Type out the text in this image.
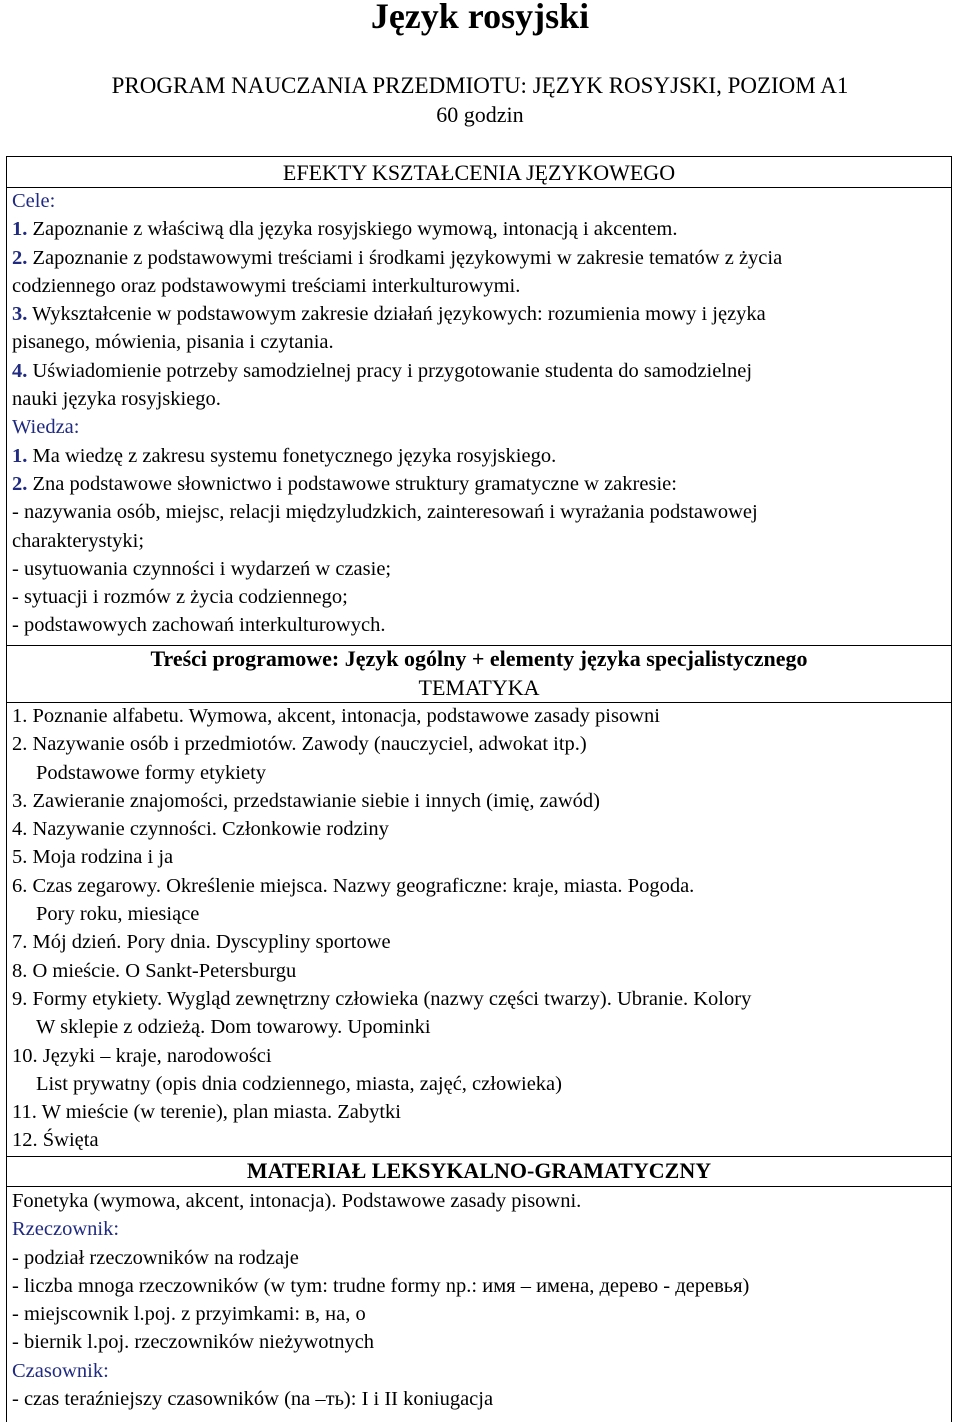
Język rosyjski
PROGRAM NAUCZANIA PRZEDMIOTU: JĘZYK ROSYJSKI, POZIOM A1
60 godzin
EFEKTY KSZTAŁCENIA JĘZYKOWEGO

Cele:

1. Zapoznanie z właściwą dla języka rosyjskiego wymową, intonacją i akcentem.

2. Zapoznanie z podstawowymi treściami i środkami językowymi w zakresie tematów z życia

codziennego oraz podstawowymi treściami interkulturowymi.

3. Wykształcenie w podstawowym zakresie działań językowych: rozumienia mowy i języka

pisanego, mówienia, pisania i czytania.

4. Uświadomienie potrzeby samodzielnej pracy i przygotowanie studenta do samodzielnej

nauki języka rosyjskiego.

Wiedza:

1. Ma wiedzę z zakresu systemu fonetycznego języka rosyjskiego.

2. Zna podstawowe słownictwo i podstawowe struktury gramatyczne w zakresie:

- nazywania osób, miejsc, relacji międzyludzkich, zainteresowań i wyrażania podstawowej

charakterystyki;

- usytuowania czynności i wydarzeń w czasie;

- sytuacji i rozmów z życia codziennego;

- podstawowych zachowań interkulturowych.

Treści programowe: Język ogólny + elementy języka specjalistycznego
TEMATYKA

1. Poznanie alfabetu. Wymowa, akcent, intonacja, podstawowe zasady pisowni

2. Nazywanie osób i przedmiotów. Zawody (nauczyciel, adwokat itp.)

Podstawowe formy etykiety

3. Zawieranie znajomości, przedstawianie siebie i innych (imię, zawód)

4. Nazywanie czynności. Członkowie rodziny

5. Moja rodzina i ja

6. Czas zegarowy. Określenie miejsca. Nazwy geograficzne: kraje, miasta. Pogoda.

Pory roku, miesiące

7. Mój dzień. Pory dnia. Dyscypliny sportowe

8. O mieście. O Sankt-Petersburgu

9. Formy etykiety. Wygląd zewnętrzny człowieka (nazwy części twarzy). Ubranie. Kolory

W sklepie z odzieżą. Dom towarowy. Upominki

10. Języki – kraje, narodowości

List prywatny (opis dnia codziennego, miasta, zajęć, człowieka)

11. W mieście (w terenie), plan miasta. Zabytki

12. Święta

MATERIAŁ LEKSYKALNO-GRAMATYCZNY

Fonetyka (wymowa, akcent, intonacja). Podstawowe zasady pisowni.

Rzeczownik:

- podział rzeczowników na rodzaje

- liczba mnoga rzeczowników (w tym: trudne formy np.: имя – имена, дерево - деревья)

- miejscownik l.poj. z przyimkami: в, на, о

- biernik l.poj. rzeczowników nieżywotnych

Czasownik:

- czas teraźniejszy czasowników (na –ть): I i II koniugacja
